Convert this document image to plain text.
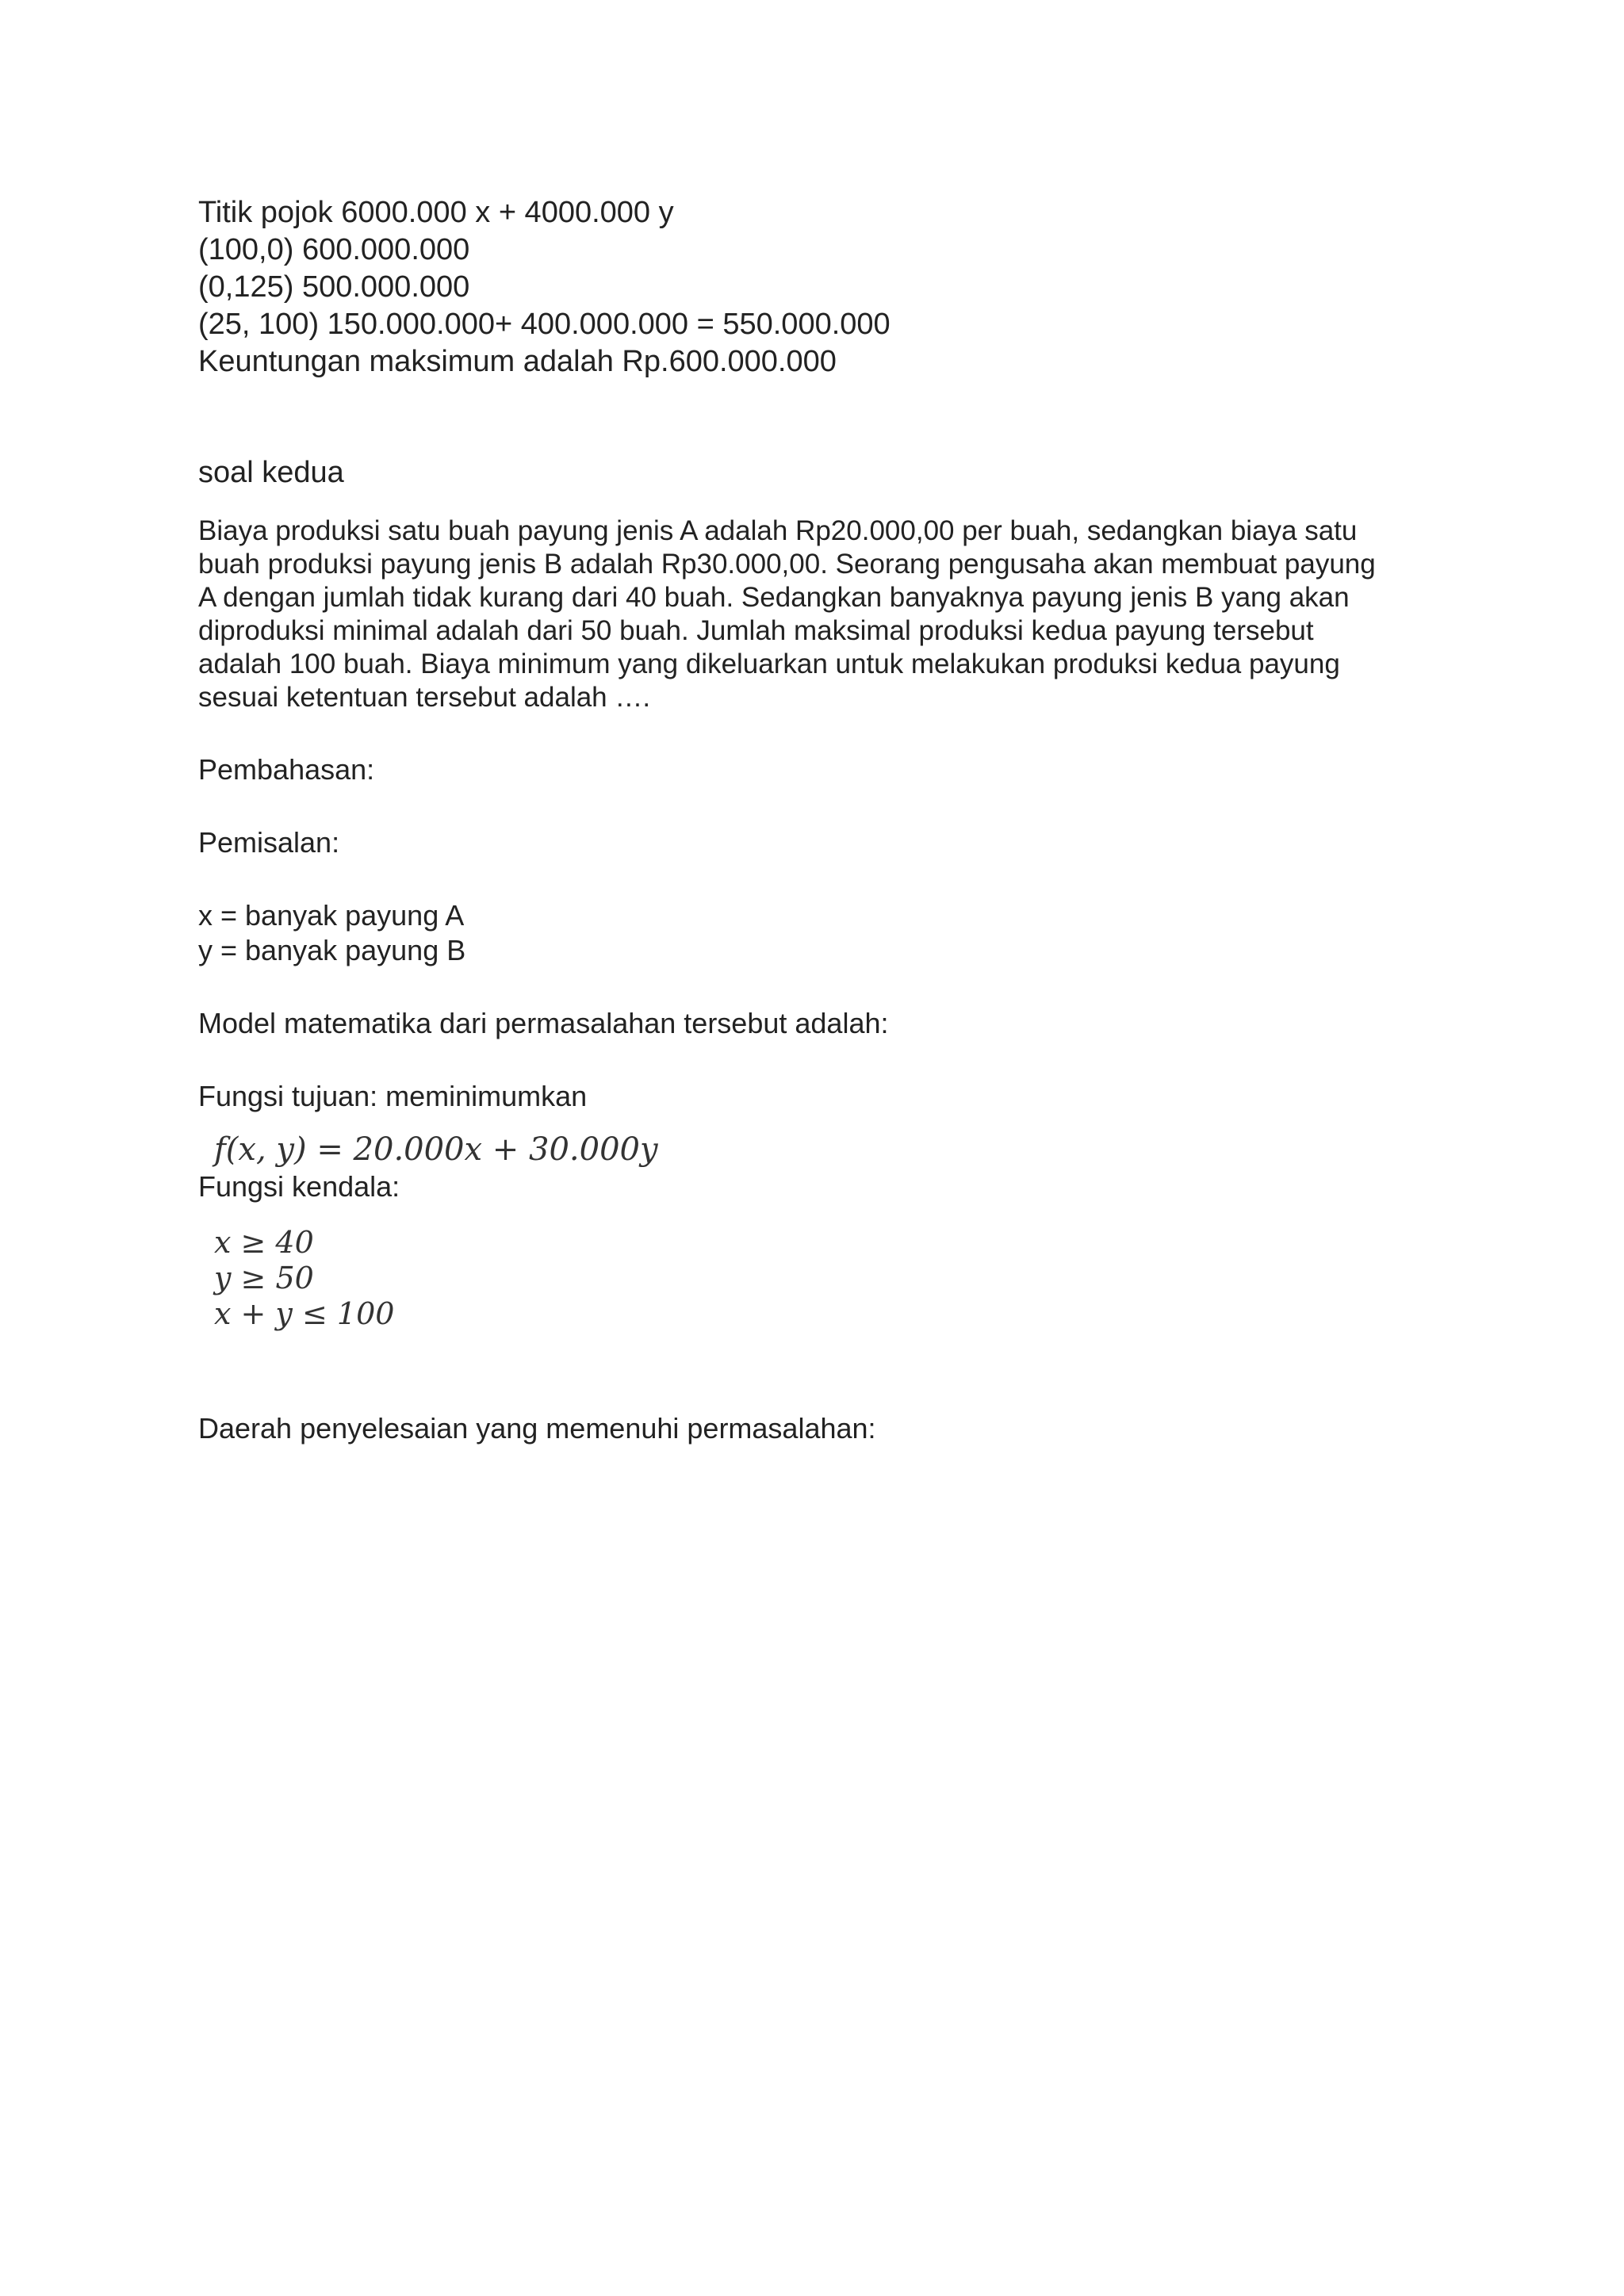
Titik pojok 6000.000 x + 4000.000 y

(100,0) 600.000.000

(0,125) 500.000.000

(25, 100) 150.000.000+ 400.000.000 = 550.000.000

Keuntungan maksimum adalah Rp.600.000.000

soal kedua

Biaya produksi satu buah payung jenis A adalah Rp20.000,00 per buah, sedangkan biaya satu

buah produksi payung jenis B adalah Rp30.000,00. Seorang pengusaha akan membuat payung

A dengan jumlah tidak kurang dari 40 buah. Sedangkan banyaknya payung jenis B yang akan

diproduksi minimal adalah dari 50 buah. Jumlah maksimal produksi kedua payung tersebut

adalah 100 buah. Biaya minimum yang dikeluarkan untuk melakukan produksi kedua payung

sesuai ketentuan tersebut adalah ….

Pembahasan:

Pemisalan:

x = banyak payung A

y = banyak payung B

Model matematika dari permasalahan tersebut adalah:

Fungsi tujuan: meminimumkan

f(x, y) = 20.000x + 30.000y

Fungsi kendala:

x ≥ 40

y ≥ 50

x + y ≤ 100

Daerah penyelesaian yang memenuhi permasalahan:
